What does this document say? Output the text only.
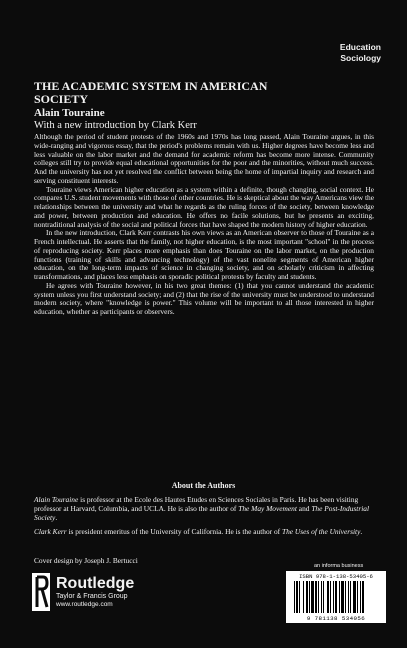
Education
Sociology
THE ACADEMIC SYSTEM IN AMERICAN SOCIETY

Alain Touraine

With a new introduction by Clark Kerr

Although the period of student protests of the 1960s and 1970s has long passed, Alain Touraine argues, in this wide-ranging and vigorous essay, that the period's problems remain with us. Higher degrees have become less and less valuable on the labor market and the demand for academic reform has become more intense. Community colleges still try to provide equal educational opportunities for the poor and the minorities, without much success. And the university has not yet resolved the conflict between being the home of impartial inquiry and research and serving constituent interests.

Touraine views American higher education as a system within a definite, though changing, social context. He compares U.S. student movements with those of other countries. He is skeptical about the way Americans view the relationships between the university and what he regards as the ruling forces of the society, between knowledge and power, between production and education. He offers no facile solutions, but he presents an exciting, nontraditional analysis of the social and political forces that have shaped the modern history of higher education.

In the new introduction, Clark Kerr contrasts his own views as an American observer to those of Touraine as a French intellectual. He asserts that the family, not higher education, is the most important "school" in the process of reproducing society. Kerr places more emphasis than does Touraine on the labor market, on the production functions (training of skills and advancing technology) of the vast nonelite segments of American higher education, on the long-term impacts of science in changing society, and on scholarly criticism in affecting transformations, and places less emphasis on sporadic political protests by faculty and students.

He agrees with Touraine however, in his two great themes: (1) that you cannot understand the academic system unless you first understand society; and (2) that the rise of the university must be understood to understand modern society, where "knowledge is power." This volume will be important to all those interested in higher education, whether as participants or observers.

About the Authors

Alain Touraine is professor at the Ecole des Hautes Etudes en Sciences Sociales in Paris. He has been visiting professor at Harvard, Columbia, and UCLA. He is also the author of The May Movement and The Post-Industrial Society.

Clark Kerr is president emeritus of the University of California. He is the author of The Uses of the University.

Cover design by Joseph J. Bertucci
Routledge
Taylor & Francis Group
www.routledge.com
an informa business
ISBN 978-1-138-53405-6
9 781138 534056
